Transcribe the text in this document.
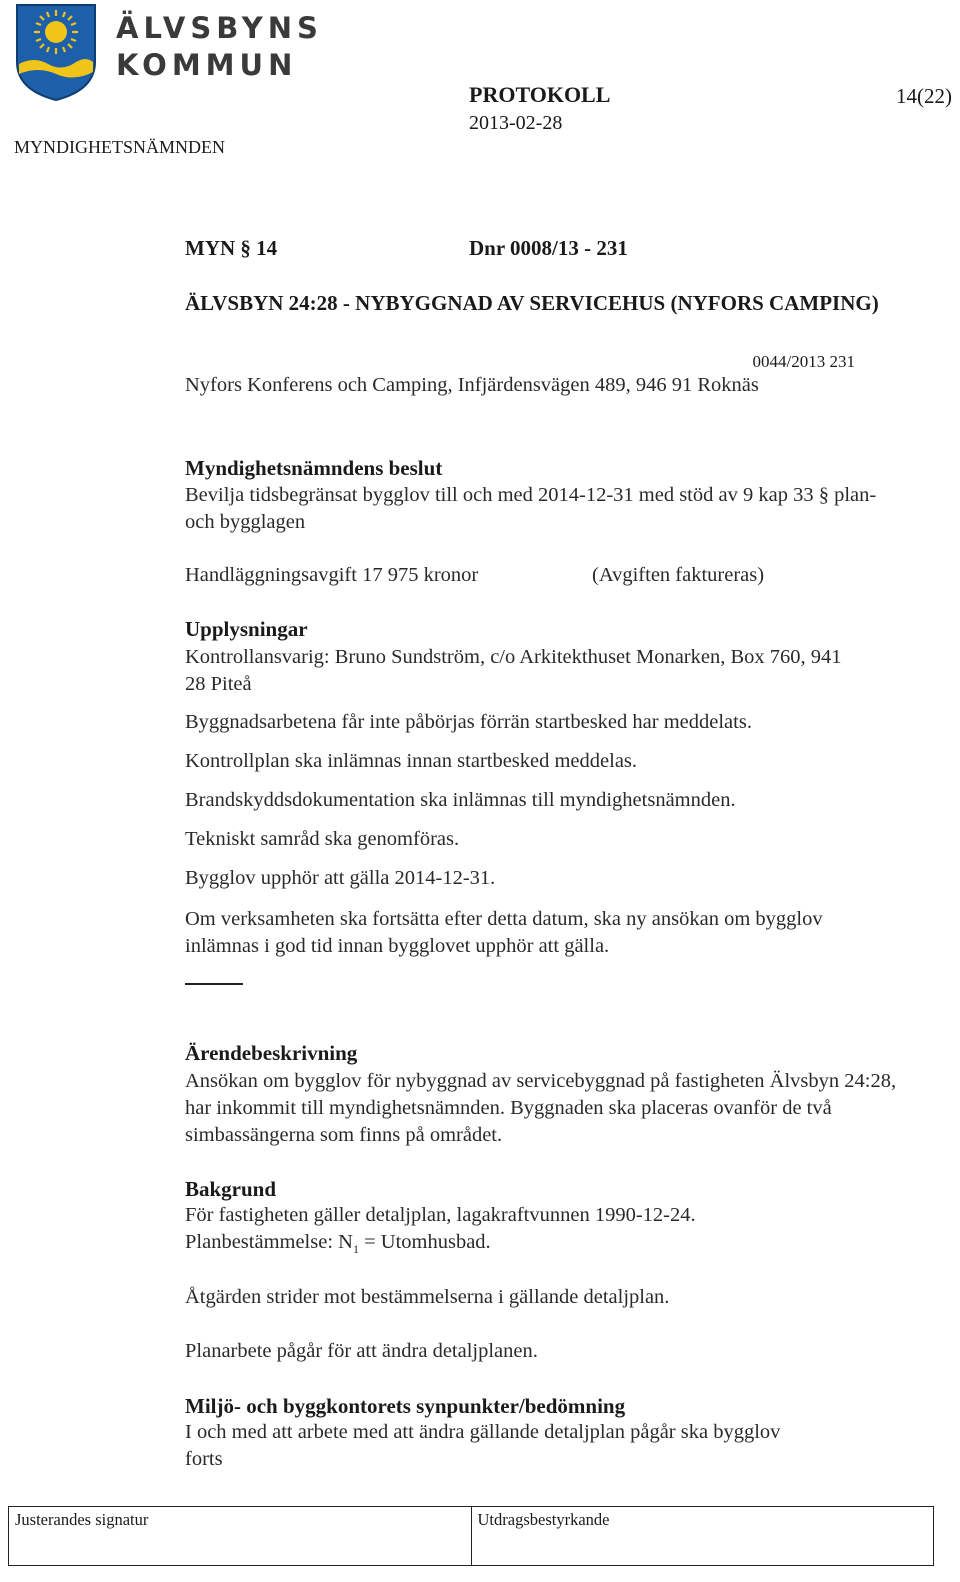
ÄLVSBYNS
KOMMUN
MYNDIGHETSNÄMNDEN
PROTOKOLL
2013-02-28
14(22)
MYN § 14	Dnr 0008/13 - 231
ÄLVSBYN 24:28 - NYBYGGNAD AV SERVICEHUS (NYFORS CAMPING)
0044/2013 231
Nyfors Konferens och Camping, Infjärdensvägen 489, 946 91 Roknäs
Myndighetsnämndens beslut
Bevilja tidsbegränsat bygglov till och med 2014-12-31 med stöd av 9 kap 33 § plan- och bygglagen
Handläggningsavgift 17 975 kronor	(Avgiften faktureras)
Upplysningar
Kontrollansvarig: Bruno Sundström, c/o Arkitekthuset Monarken, Box 760, 941 28 Piteå
Byggnadsarbetena får inte påbörjas förrän startbesked har meddelats.
Kontrollplan ska inlämnas innan startbesked meddelas.
Brandskyddsdokumentation ska inlämnas till myndighetsnämnden.
Tekniskt samråd ska genomföras.
Bygglov upphör att gälla 2014-12-31.
Om verksamheten ska fortsätta efter detta datum, ska ny ansökan om bygglov inlämnas i god tid innan bygglovet upphör att gälla.
Ärendebeskrivning
Ansökan om bygglov för nybyggnad av servicebyggnad på fastigheten Älvsbyn 24:28, har inkommit till myndighetsnämnden. Byggnaden ska placeras ovanför de två simbassängerna som finns på området.
Bakgrund
För fastigheten gäller detaljplan, lagakraftvunnen 1990-12-24.
Planbestämmelse: $N_1$ = Utomhusbad.
Åtgärden strider mot bestämmelserna i gällande detaljplan.
Planarbete pågår för att ändra detaljplanen.
Miljö- och byggkontorets synpunkter/bedömning
I och med att arbete med att ändra gällande detaljplan pågår ska bygglov
forts
Justerandes signatur	Utdragsbestyrkande
